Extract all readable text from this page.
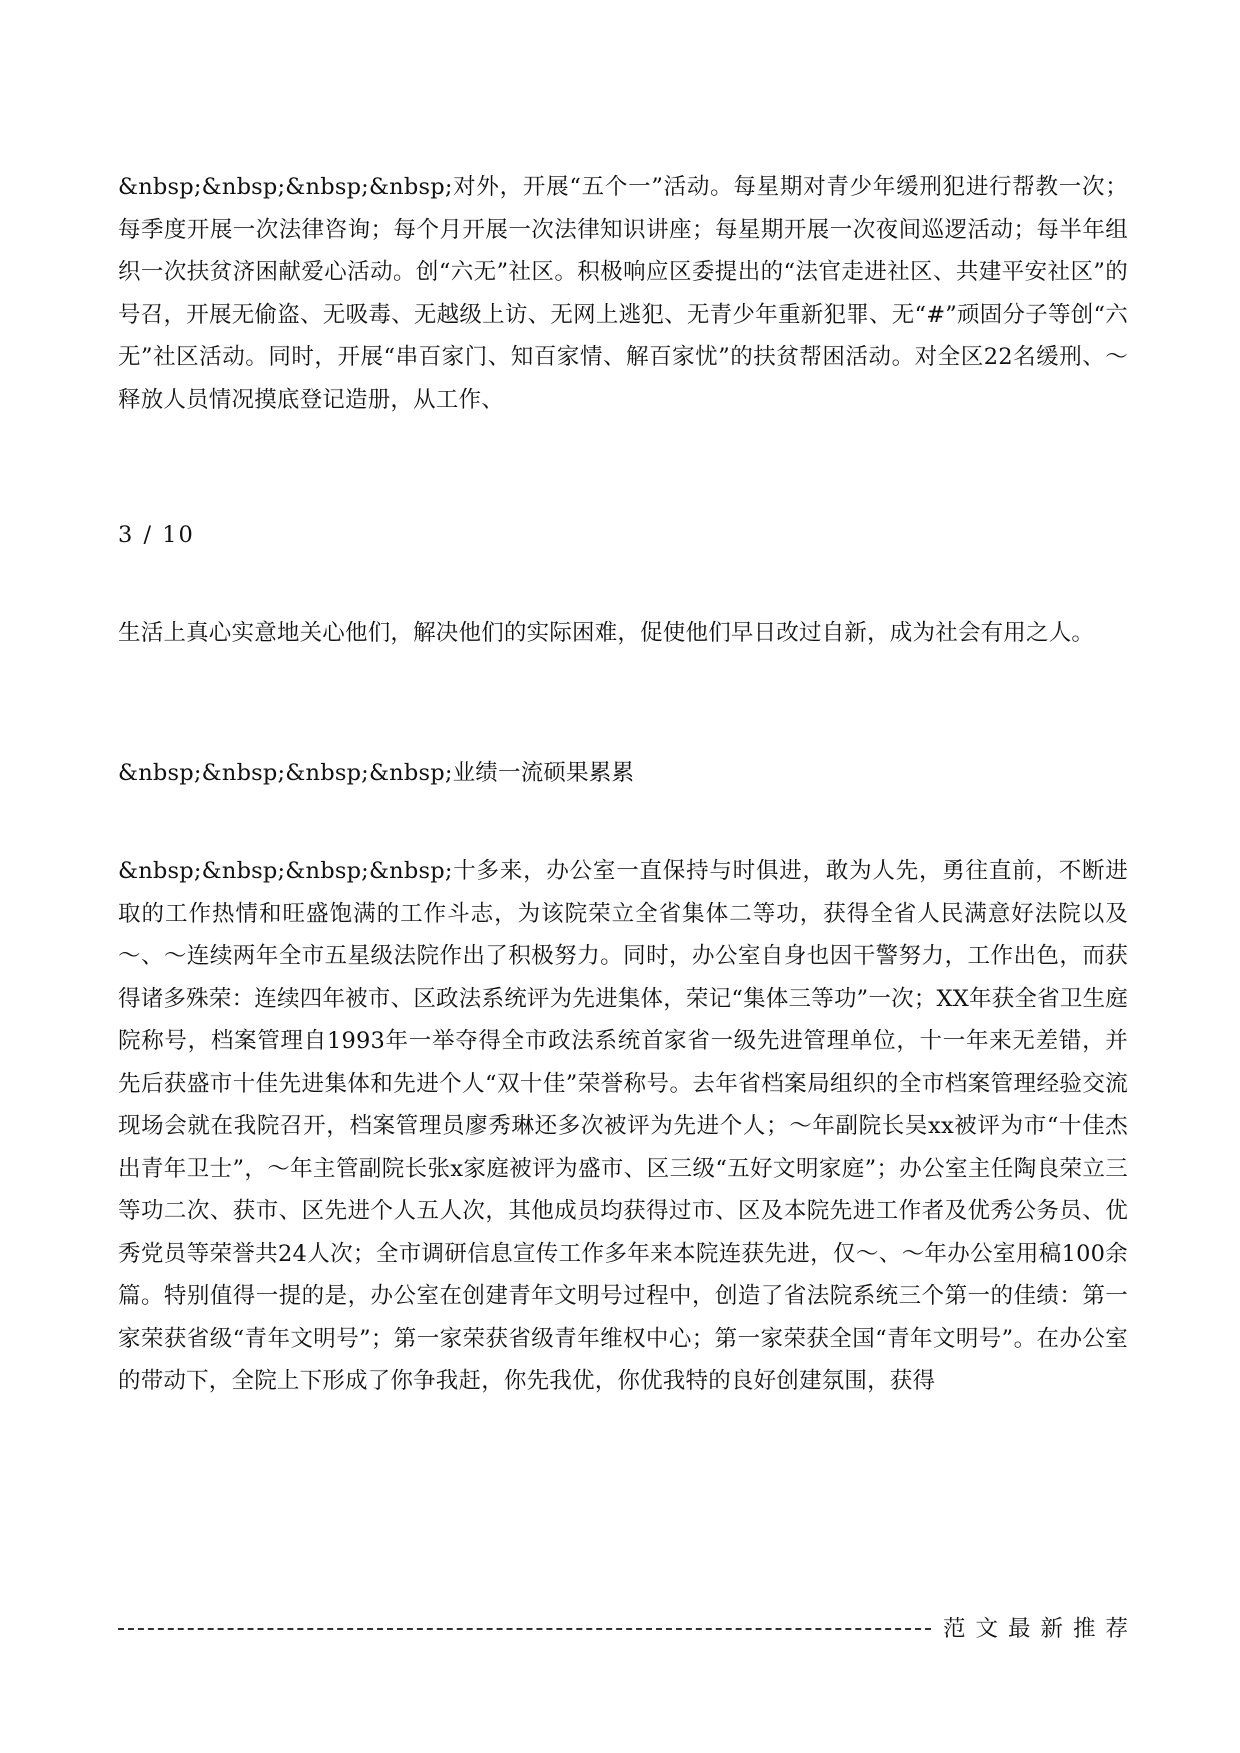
&nbsp;&nbsp;&nbsp;&nbsp;对外，开展“五个一”活动。每星期对青少年缓刑犯进行帮教一次；每季度开展一次法律咨询；每个月开展一次法律知识讲座；每星期开展一次夜间巡逻活动；每半年组织一次扶贫济困献爱心活动。创“六无”社区。积极响应区委提出的“法官走进社区、共建平安社区”的号召，开展无偷盗、无吸毒、无越级上访、无网上逃犯、无青少年重新犯罪、无“#”顽固分子等创“六无”社区活动。同时，开展“串百家门、知百家情、解百家忧”的扶贫帮困活动。对全区22名缓刑、～释放人员情况摸底登记造册，从工作、

3 / 10

生活上真心实意地关心他们，解决他们的实际困难，促使他们早日改过自新，成为社会有用之人。

&nbsp;&nbsp;&nbsp;&nbsp;业绩一流硕果累累

&nbsp;&nbsp;&nbsp;&nbsp;十多来，办公室一直保持与时俱进，敢为人先，勇往直前，不断进取的工作热情和旺盛饱满的工作斗志，为该院荣立全省集体二等功，获得全省人民满意好法院以及～、～连续两年全市五星级法院作出了积极努力。同时，办公室自身也因干警努力，工作出色，而获得诸多殊荣：连续四年被市、区政法系统评为先进集体，荣记“集体三等功”一次；XX年获全省卫生庭院称号，档案管理自1993年一举夺得全市政法系统首家省一级先进管理单位，十一年来无差错，并先后获盛市十佳先进集体和先进个人“双十佳”荣誉称号。去年省档案局组织的全市档案管理经验交流现场会就在我院召开，档案管理员廖秀琳还多次被评为先进个人；～年副院长吴xx被评为市“十佳杰出青年卫士”，～年主管副院长张x家庭被评为盛市、区三级“五好文明家庭”；办公室主任陶良荣立三等功二次、获市、区先进个人五人次，其他成员均获得过市、区及本院先进工作者及优秀公务员、优秀党员等荣誉共24人次；全市调研信息宣传工作多年来本院连获先进，仅～、～年办公室用稿100余篇。特别值得一提的是，办公室在创建青年文明号过程中，创造了省法院系统三个第一的佳绩：第一家荣获省级“青年文明号”；第一家荣获省级青年维权中心；第一家荣获全国“青年文明号”。在办公室的带动下，全院上下形成了你争我赶，你先我优，你优我特的良好创建氛围，获得

范文最新推荐
